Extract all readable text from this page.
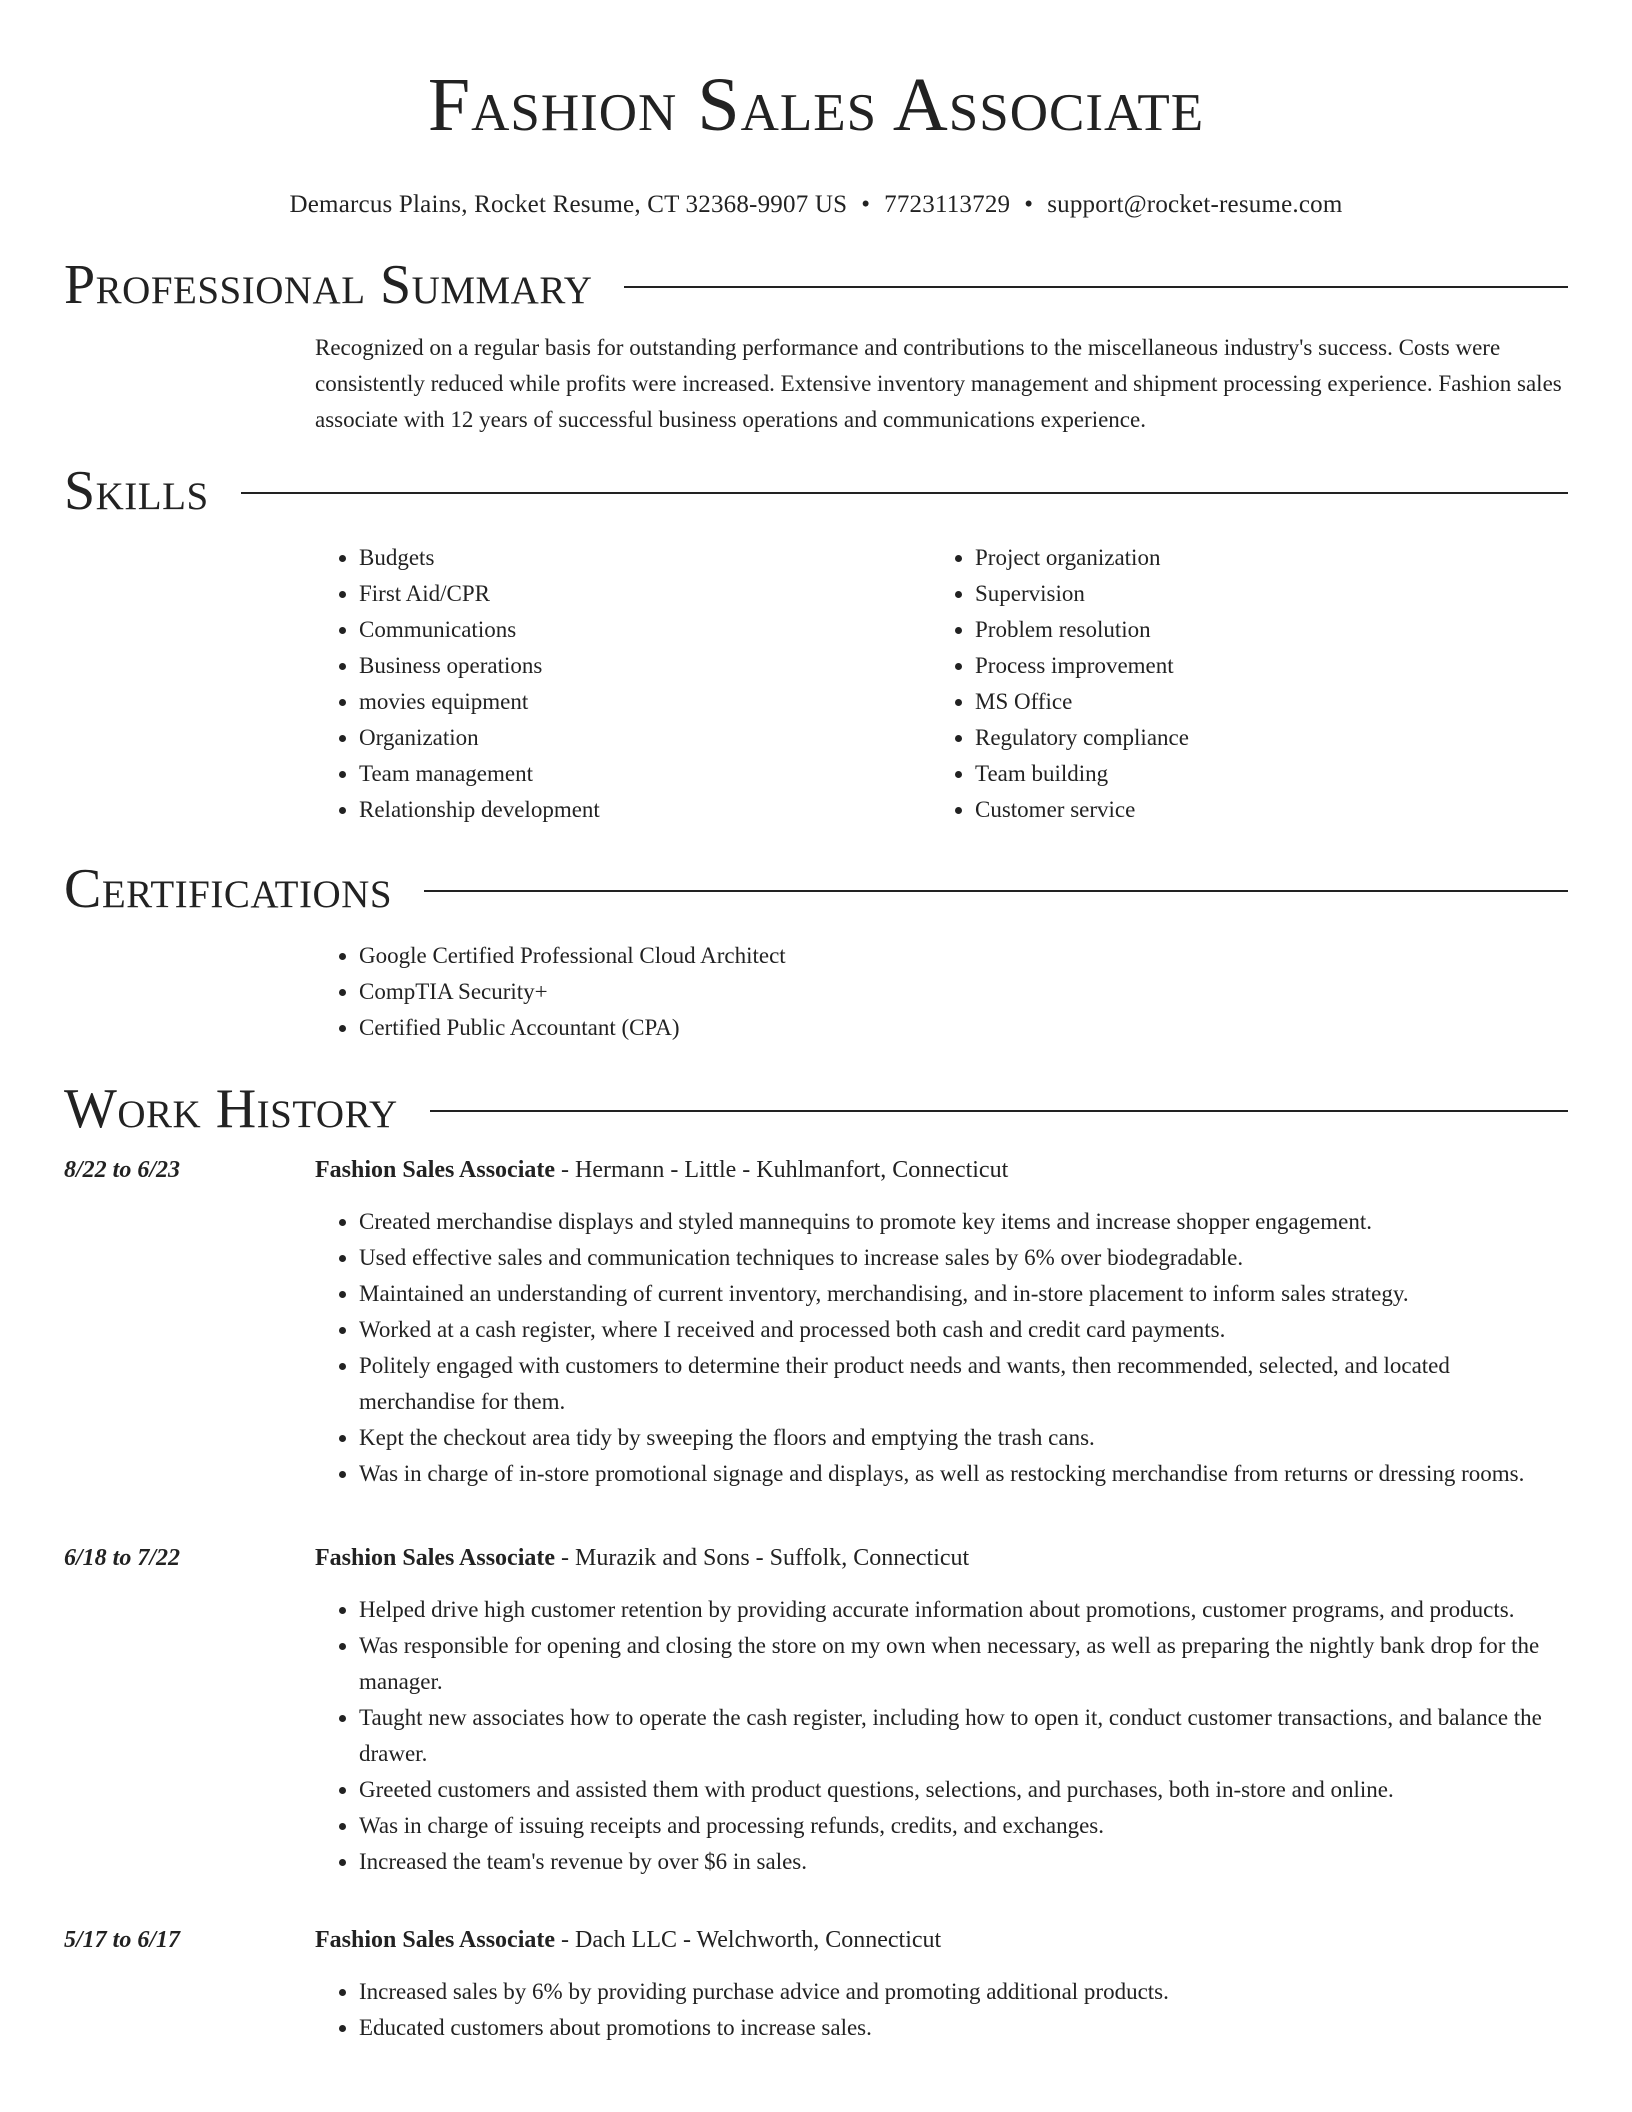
Fashion Sales Associate
Demarcus Plains, Rocket Resume, CT 32368-9907 US • 7723113729 • support@rocket-resume.com
Professional Summary

Recognized on a regular basis for outstanding performance and contributions to the miscellaneous industry's success. Costs were consistently reduced while profits were increased. Extensive inventory management and shipment processing experience. Fashion sales associate with 12 years of successful business operations and communications experience.

Skills
• Budgets
• First Aid/CPR
• Communications
• Business operations
• movies equipment
• Organization
• Team management
• Relationship development
• Project organization
• Supervision
• Problem resolution
• Process improvement
• MS Office
• Regulatory compliance
• Team building
• Customer service
Certifications
• Google Certified Professional Cloud Architect
• CompTIA Security+
• Certified Public Accountant (CPA)
Work History
8/22 to 6/23	Fashion Sales Associate - Hermann - Little - Kuhlmanfort, Connecticut
• Created merchandise displays and styled mannequins to promote key items and increase shopper engagement.
• Used effective sales and communication techniques to increase sales by 6% over biodegradable.
• Maintained an understanding of current inventory, merchandising, and in-store placement to inform sales strategy.
• Worked at a cash register, where I received and processed both cash and credit card payments.
• Politely engaged with customers to determine their product needs and wants, then recommended, selected, and located merchandise for them.
• Kept the checkout area tidy by sweeping the floors and emptying the trash cans.
• Was in charge of in-store promotional signage and displays, as well as restocking merchandise from returns or dressing rooms.
6/18 to 7/22	Fashion Sales Associate - Murazik and Sons - Suffolk, Connecticut
• Helped drive high customer retention by providing accurate information about promotions, customer programs, and products.
• Was responsible for opening and closing the store on my own when necessary, as well as preparing the nightly bank drop for the manager.
• Taught new associates how to operate the cash register, including how to open it, conduct customer transactions, and balance the drawer.
• Greeted customers and assisted them with product questions, selections, and purchases, both in-store and online.
• Was in charge of issuing receipts and processing refunds, credits, and exchanges.
• Increased the team's revenue by over $6 in sales.
5/17 to 6/17	Fashion Sales Associate - Dach LLC - Welchworth, Connecticut
• Increased sales by 6% by providing purchase advice and promoting additional products.
• Educated customers about promotions to increase sales.
